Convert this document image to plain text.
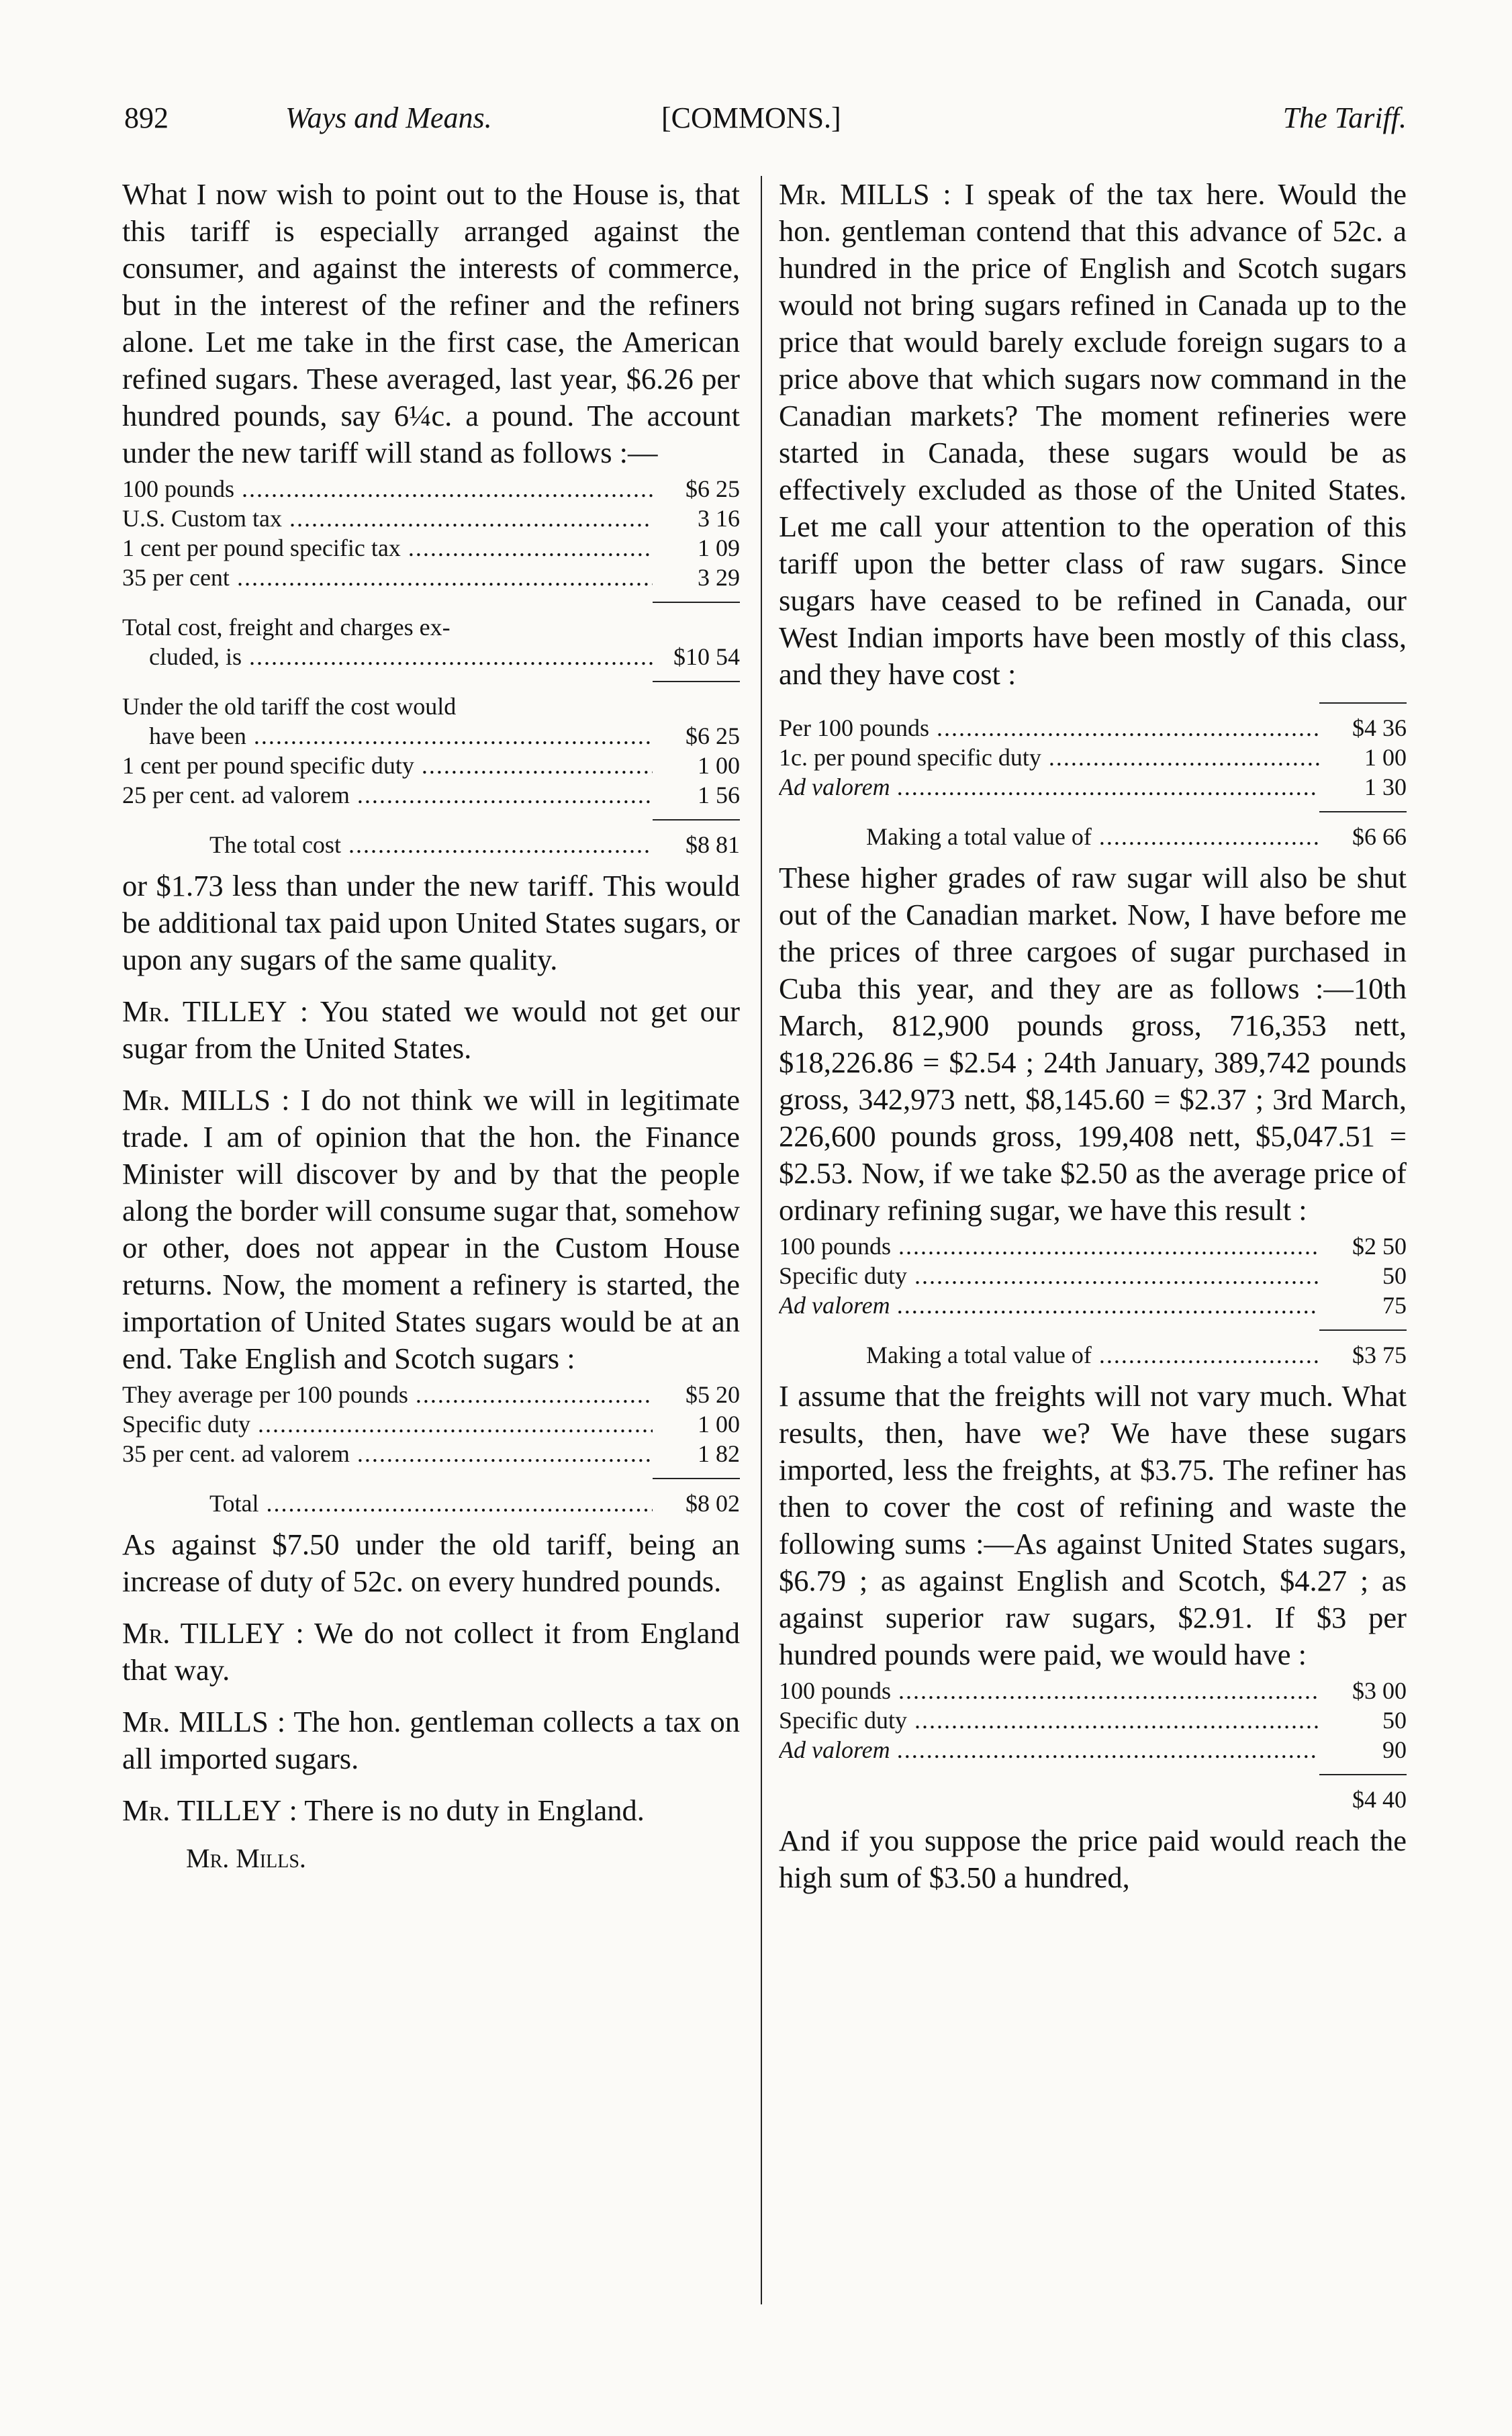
892	Ways and Means.	[COMMONS.]	The Tariff.

What I now wish to point out to the House is, that this tariff is especially arranged against the consumer, and against the interests of commerce, but in the interest of the refiner and the refiners alone. Let me take in the first case, the American refined sugars. These averaged, last year, $6.26 per hundred pounds, say 6¼c. a pound. The account under the new tariff will stand as follows :—

100 pounds .....	$6 25
U.S. Custom tax .....	3 16
1 cent per pound specific tax .....	1 09
35 per cent .....	3 29
Total cost, freight and charges ex-
cluded, is .....	$10 54
Under the old tariff the cost would
have been .....	$6 25
1 cent per pound specific duty .....	1 00
25 per cent. ad valorem .....	1 56
The total cost .....	$8 81

or $1.73 less than under the new tariff. This would be additional tax paid upon United States sugars, or upon any sugars of the same quality.

Mr. TILLEY : You stated we would not get our sugar from the United States.

Mr. MILLS : I do not think we will in legitimate trade. I am of opinion that the hon. the Finance Minister will discover by and by that the people along the border will consume sugar that, somehow or other, does not appear in the Custom House returns. Now, the moment a refinery is started, the importation of United States sugars would be at an end. Take English and Scotch sugars :

They average per 100 pounds .....	$5 20
Specific duty .....	1 00
35 per cent. ad valorem .....	1 82
Total .....	$8 02

As against $7.50 under the old tariff, being an increase of duty of 52c. on every hundred pounds.

Mr. TILLEY : We do not collect it from England that way.

Mr. MILLS : The hon. gentleman collects a tax on all imported sugars.

Mr. TILLEY : There is no duty in England.

Mr. Mills.

Mr. MILLS : I speak of the tax here. Would the hon. gentleman contend that this advance of 52c. a hundred in the price of English and Scotch sugars would not bring sugars refined in Canada up to the price that would barely exclude foreign sugars to a price above that which sugars now command in the Canadian markets? The moment refineries were started in Canada, these sugars would be as effectively excluded as those of the United States. Let me call your attention to the operation of this tariff upon the better class of raw sugars. Since sugars have ceased to be refined in Canada, our West Indian imports have been mostly of this class, and they have cost :

Per 100 pounds .....	$4 36
1c. per pound specific duty .....	1 00
Ad valorem .....	1 30
Making a total value of .....	$6 66

These higher grades of raw sugar will also be shut out of the Canadian market. Now, I have before me the prices of three cargoes of sugar purchased in Cuba this year, and they are as follows :—10th March, 812,900 pounds gross, 716,353 nett, $18,226.86 = $2.54 ; 24th January, 389,742 pounds gross, 342,973 nett, $8,145.60 = $2.37 ; 3rd March, 226,600 pounds gross, 199,408 nett, $5,047.51 = $2.53. Now, if we take $2.50 as the average price of ordinary refining sugar, we have this result :

100 pounds .....	$2 50
Specific duty .....	50
Ad valorem .....	75
Making a total value of .....	$3 75

I assume that the freights will not vary much. What results, then, have we? We have these sugars imported, less the freights, at $3.75. The refiner has then to cover the cost of refining and waste the following sums :—As against United States sugars, $6.79 ; as against English and Scotch, $4.27 ; as against superior raw sugars, $2.91. If $3 per hundred pounds were paid, we would have :

100 pounds .....	$3 00
Specific duty .....	50
Ad valorem .....	90
$4 40

And if you suppose the price paid would reach the high sum of $3.50 a hundred,
